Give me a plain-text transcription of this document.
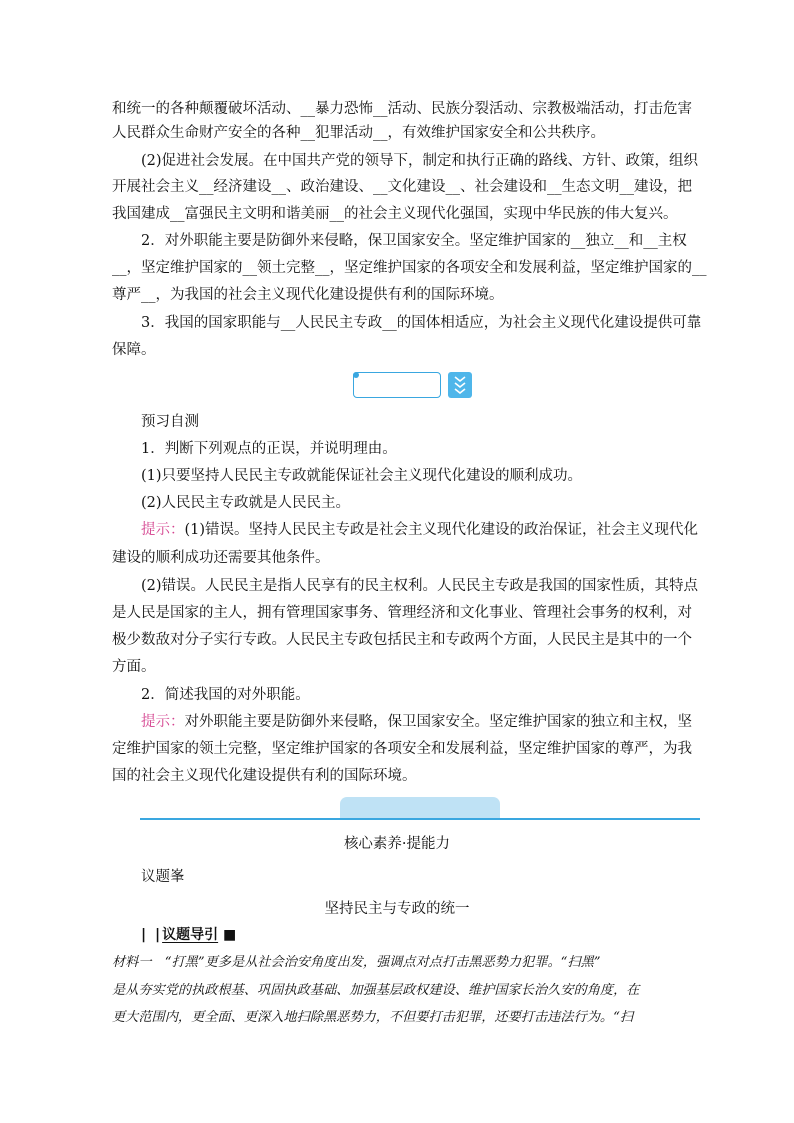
和统一的各种颠覆破坏活动、__暴力恐怖__活动、民族分裂活动、宗教极端活动，打击危害

人民群众生命财产安全的各种__犯罪活动__，有效维护国家安全和公共秩序。

(2)促进社会发展。在中国共产党的领导下，制定和执行正确的路线、方针、政策，组织

开展社会主义__经济建设__、政治建设、__文化建设__、社会建设和__生态文明__建设，把

我国建成__富强民主文明和谐美丽__的社会主义现代化强国，实现中华民族的伟大复兴。

2．对外职能主要是防御外来侵略，保卫国家安全。坚定维护国家的__独立__和__主权

__，坚定维护国家的__领土完整__，坚定维护国家的各项安全和发展利益，坚定维护国家的__

尊严__，为我国的社会主义现代化建设提供有利的国际环境。

3．我国的国家职能与__人民民主专政__的国体相适应，为社会主义现代化建设提供可靠

保障。

预习自测

1．判断下列观点的正误，并说明理由。

(1)只要坚持人民民主专政就能保证社会主义现代化建设的顺利成功。

(2)人民民主专政就是人民民主。

提示：(1)错误。坚持人民民主专政是社会主义现代化建设的政治保证，社会主义现代化

建设的顺利成功还需要其他条件。

(2)错误。人民民主是指人民享有的民主权利。人民民主专政是我国的国家性质，其特点

是人民是国家的主人，拥有管理国家事务、管理经济和文化事业、管理社会事务的权利，对

极少数敌对分子实行专政。人民民主专政包括民主和专政两个方面，人民民主是其中的一个

方面。

2．简述我国的对外职能。

提示：对外职能主要是防御外来侵略，保卫国家安全。坚定维护国家的独立和主权，坚

定维护国家的领土完整，坚定维护国家的各项安全和发展利益，坚定维护国家的尊严，为我

国的社会主义现代化建设提供有利的国际环境。

核心素养·提能力

议题峯

坚持民主与专政的统一

| |议题导引 ■

材料一　“打黑”更多是从社会治安角度出发，强调点对点打击黑恶势力犯罪。“扫黑”

是从夯实党的执政根基、巩固执政基础、加强基层政权建设、维护国家长治久安的角度，在

更大范围内，更全面、更深入地扫除黑恶势力，不但要打击犯罪，还要打击违法行为。“扫
